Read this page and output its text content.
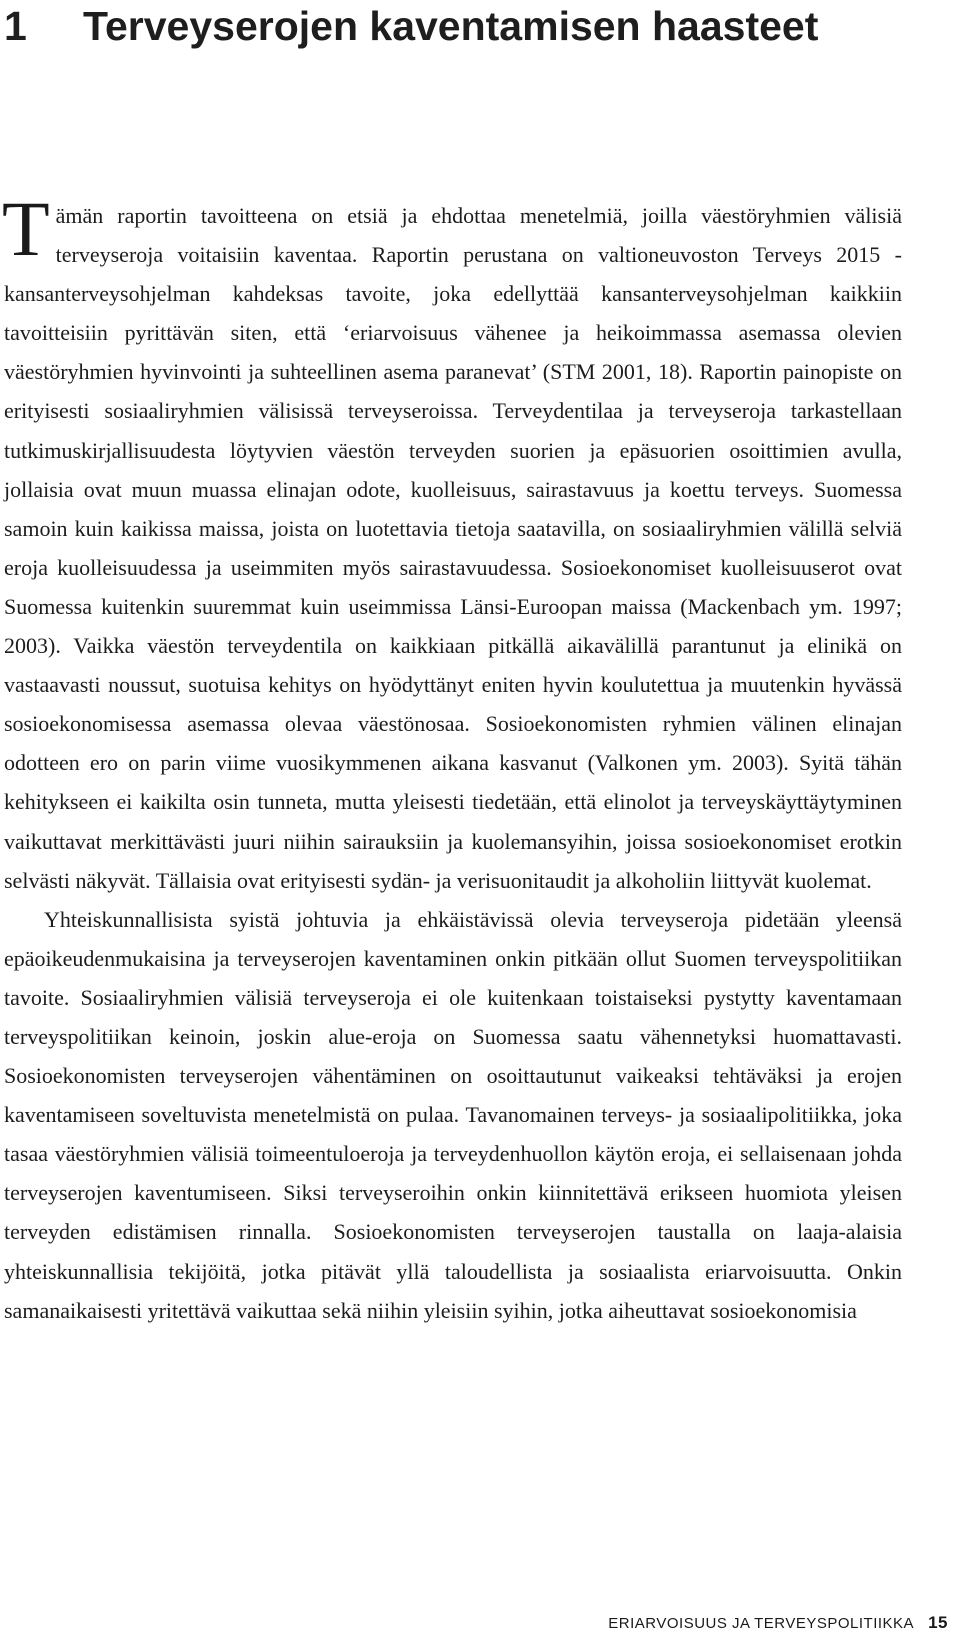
1 Terveyserojen kaventamisen haasteet

Tämän raportin tavoitteena on etsiä ja ehdottaa menetelmiä, joilla väestöryhmien välisiä terveyseroja voitaisiin kaventaa. Raportin perustana on valtioneuvoston Terveys 2015 -kansanterveysohjelman kahdeksas tavoite, joka edellyttää kansanterveysohjelman kaikkiin tavoitteisiin pyrittävän siten, että ‘eriarvoisuus vähenee ja heikoimmassa asemassa olevien väestöryhmien hyvinvointi ja suhteellinen asema paranevat’ (STM 2001, 18). Raportin painopiste on erityisesti sosiaaliryhmien välisissä terveyseroissa. Terveydentilaa ja terveyseroja tarkastellaan tutkimuskirjallisuudesta löytyvien väestön terveyden suorien ja epäsuorien osoittimien avulla, jollaisia ovat muun muassa elinajan odote, kuolleisuus, sairastavuus ja koettu terveys. Suomessa samoin kuin kaikissa maissa, joista on luotettavia tietoja saatavilla, on sosiaaliryhmien välillä selviä eroja kuolleisuudessa ja useimmiten myös sairastavuudessa. Sosioekonomiset kuolleisuuserot ovat Suomessa kuitenkin suuremmat kuin useimmissa Länsi-Euroopan maissa (Mackenbach ym. 1997; 2003). Vaikka väestön terveydentila on kaikkiaan pitkällä aikavälillä parantunut ja elinikä on vastaavasti noussut, suotuisa kehitys on hyödyttänyt eniten hyvin koulutettua ja muutenkin hyvässä sosioekonomisessa asemassa olevaa väestönosaa. Sosioekonomisten ryhmien välinen elinajan odotteen ero on parin viime vuosikymmenen aikana kasvanut (Valkonen ym. 2003). Syitä tähän kehitykseen ei kaikilta osin tunneta, mutta yleisesti tiedetään, että elinolot ja terveyskäyttäytyminen vaikuttavat merkittävästi juuri niihin sairauksiin ja kuolemansyihin, joissa sosioekonomiset erotkin selvästi näkyvät. Tällaisia ovat erityisesti sydän- ja verisuonitaudit ja alkoholiin liittyvät kuolemat.

Yhteiskunnallisista syistä johtuvia ja ehkäistävissä olevia terveyseroja pidetään yleensä epäoikeudenmukaisina ja terveyserojen kaventaminen onkin pitkään ollut Suomen terveyspolitiikan tavoite. Sosiaaliryhmien välisiä terveyseroja ei ole kuitenkaan toistaiseksi pystytty kaventamaan terveyspolitiikan keinoin, joskin alue-eroja on Suomessa saatu vähennetyksi huomattavasti. Sosioekonomisten terveyserojen vähentäminen on osoittautunut vaikeaksi tehtäväksi ja erojen kaventamiseen soveltuvista menetelmistä on pulaa. Tavanomainen terveys- ja sosiaalipolitiikka, joka tasaa väestöryhmien välisiä toimeentuloeroja ja terveydenhuollon käytön eroja, ei sellaisenaan johda terveyserojen kaventumiseen. Siksi terveyseroihin onkin kiinnitettävä erikseen huomiota yleisen terveyden edistämisen rinnalla. Sosioekonomisten terveyserojen taustalla on laaja-alaisia yhteiskunnallisia tekijöitä, jotka pitävät yllä taloudellista ja sosiaalista eriarvoisuutta. Onkin samanaikaisesti yritettävä vaikuttaa sekä niihin yleisiin syihin, jotka aiheuttavat sosioekonomisia

ERIARVOISUUS JA TERVEYSPOLITIIKKA 15
